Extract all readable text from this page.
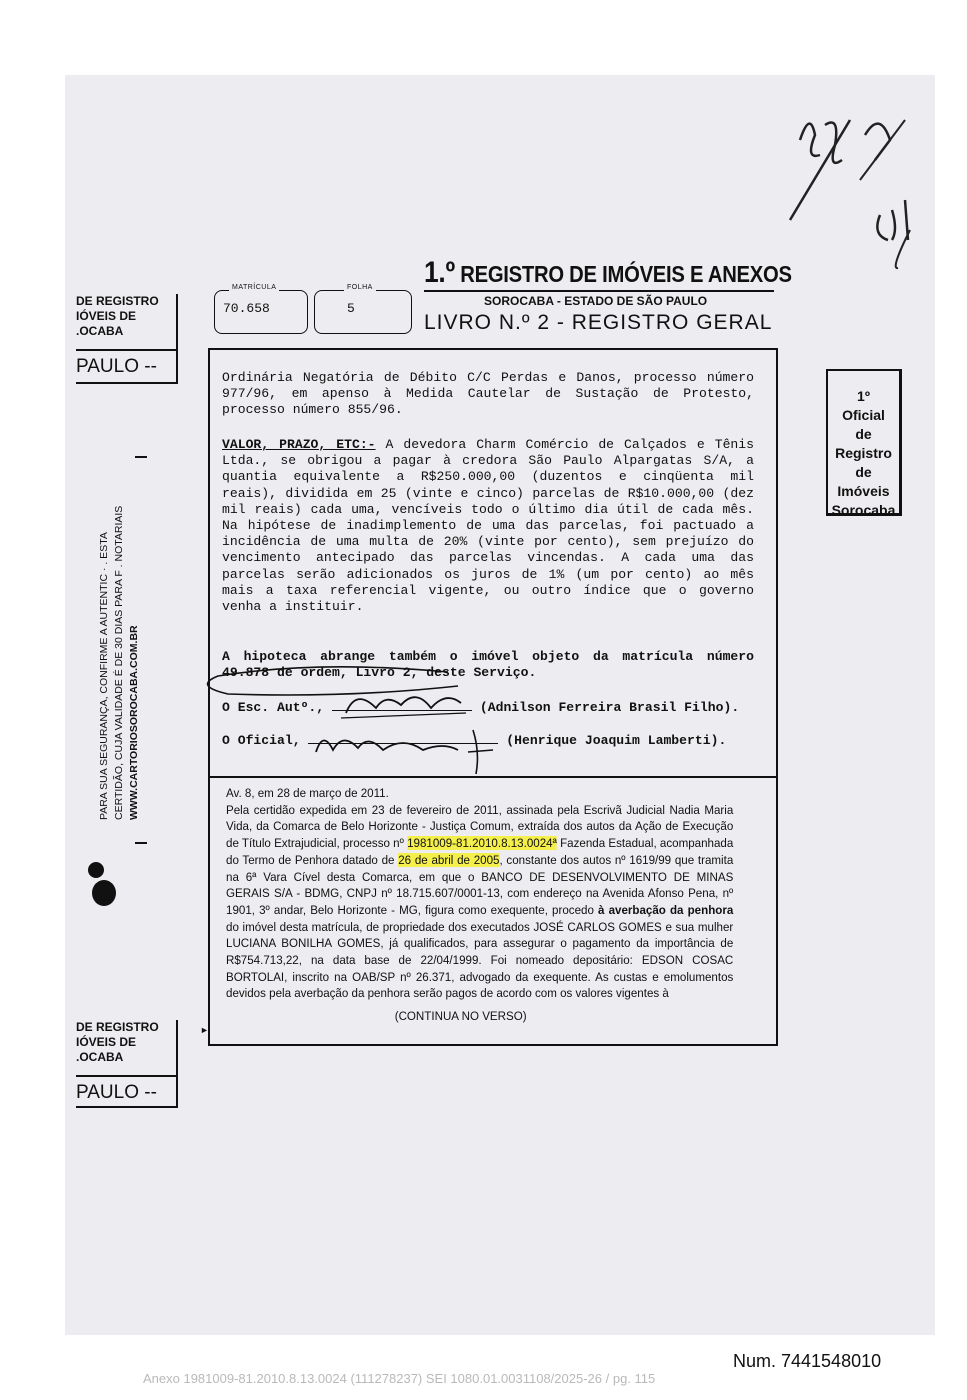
DE REGISTRO
IÓVEIS DE
.OCABA
PAULO --
DE REGISTRO
IÓVEIS DE
.OCABA
PAULO --
PARA SUA SEGURANÇA, CONFIRME A AUTENTIC · . ESTA CERTIDÃO, CUJA VALIDADE É DE 30 DIAS PARA F . NOTARIAIS WWW.CARTORIOSOROCABA.COM.BR
►
1.º REGISTRO DE IMÓVEIS E ANEXOS
SOROCABA - ESTADO DE SÃO PAULO
LIVRO N.º 2 - REGISTRO GERAL
70.658
MATRÍCULA
5
FOLHA

Ordinária Negatória de Débito C/C Perdas e Danos, processo número 977/96, em apenso à Medida Cautelar de Sustação de Protesto, processo número 855/96.

VALOR, PRAZO, ETC:- A devedora Charm Comércio de Calçados e Tênis Ltda., se obrigou a pagar à credora São Paulo Alpargatas S/A, a quantia equivalente a R$250.000,00 (duzentos e cinqüenta mil reais), dividida em 25 (vinte e cinco) parcelas de R$10.000,00 (dez mil reais) cada uma, vencíveis todo o último dia útil de cada mês. Na hipótese de inadimplemento de uma das parcelas, foi pactuado a incidência de uma multa de 20% (vinte por cento), sem prejuízo do vencimento antecipado das parcelas vincendas. A cada uma das parcelas serão adicionados os juros de 1% (um por cento) ao mês mais a taxa referencial vigente, ou outro índice que o governo venha a instituir.

A hipoteca abrange também o imóvel objeto da matrícula número 49.878 de ordem, Livro 2, deste Serviço.

O Esc. Autº.,	(Adnilson Ferreira Brasil Filho).
O Oficial,	(Henrique Joaquim Lamberti).
Av. 8, em 28 de março de 2011.
Pela certidão expedida em 23 de fevereiro de 2011, assinada pela Escrivã Judicial Nadia Maria Vida, da Comarca de Belo Horizonte - Justiça Comum, extraída dos autos da Ação de Execução de Título Extrajudicial, processo nº 1981009-81.2010.8.13.0024ª Fazenda Estadual, acompanhada do Termo de Penhora datado de 26 de abril de 2005, constante dos autos nº 1619/99 que tramita na 6ª Vara Cível desta Comarca, em que o BANCO DE DESENVOLVIMENTO DE MINAS GERAIS S/A - BDMG, CNPJ nº 18.715.607/0001-13, com endereço na Avenida Afonso Pena, nº 1901, 3º andar, Belo Horizonte - MG, figura como exequente, procedo à averbação da penhora do imóvel desta matrícula, de propriedade dos executados JOSÉ CARLOS GOMES e sua mulher LUCIANA BONILHA GOMES, já qualificados, para assegurar o pagamento da importância de R$754.713,22, na data base de 22/04/1999. Foi nomeado depositário: EDSON COSAC BORTOLAI, inscrito na OAB/SP nº 26.371, advogado da exequente. As custas e emolumentos devidos pela averbação da penhora serão pagos de acordo com os valores vigentes à
(CONTINUA NO VERSO)
1º
Oficial
de
Registro
de
Imóveis
Sorocaba
Num. 7441548010
Anexo 1981009-81.2010.8.13.0024 (111278237) SEI 1080.01.0031108/2025-26 / pg. 115
